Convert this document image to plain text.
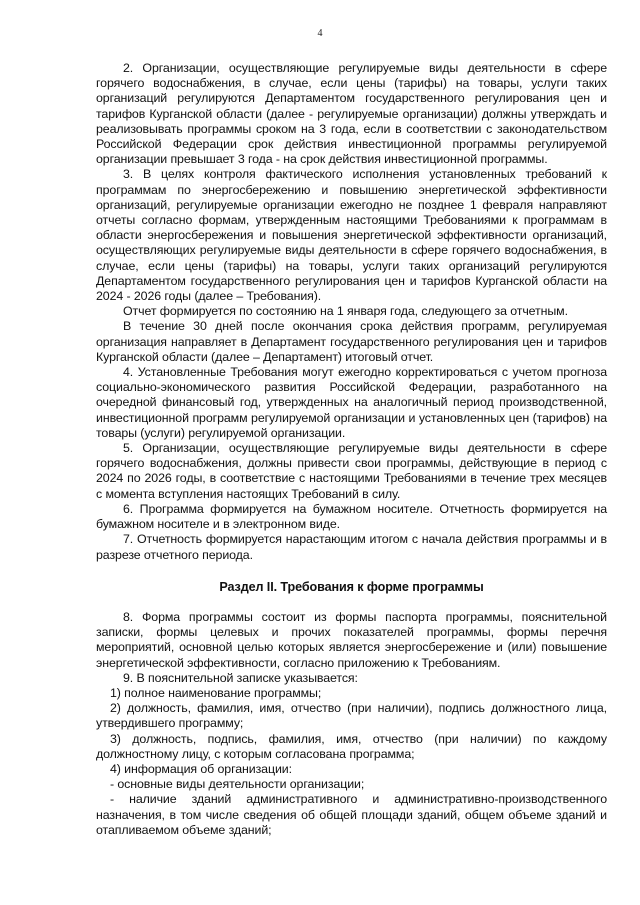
4

2. Организации, осуществляющие регулируемые виды деятельности в сфере горячего водоснабжения, в случае, если цены (тарифы) на товары, услуги таких организаций регулируются Департаментом государственного регулирования цен и тарифов Курганской области (далее - регулируемые организации) должны утверждать и реализовывать программы сроком на 3 года, если в соответствии с законодательством Российской Федерации срок действия инвестиционной программы регулируемой организации превышает 3 года - на срок действия инвестиционной программы.

3. В целях контроля фактического исполнения установленных требований к программам по энергосбережению и повышению энергетической эффективности организаций, регулируемые организации ежегодно не позднее 1 февраля направляют отчеты согласно формам, утвержденным настоящими Требованиями к программам в области энергосбережения и повышения энергетической эффективности организаций, осуществляющих регулируемые виды деятельности в сфере горячего водоснабжения, в случае, если цены (тарифы) на товары, услуги таких организаций регулируются Департаментом государственного регулирования цен и тарифов Курганской области на 2024 - 2026 годы (далее – Требования).

Отчет формируется по состоянию на 1 января года, следующего за отчетным.

В течение 30 дней после окончания срока действия программ, регулируемая организация направляет в Департамент государственного регулирования цен и тарифов Курганской области (далее – Департамент) итоговый отчет.

4. Установленные Требования могут ежегодно корректироваться с учетом прогноза социально-экономического развития Российской Федерации, разработанного на очередной финансовый год, утвержденных на аналогичный период производственной, инвестиционной программ регулируемой организации и установленных цен (тарифов) на товары (услуги) регулируемой организации.

5. Организации, осуществляющие регулируемые виды деятельности в сфере горячего водоснабжения, должны привести свои программы, действующие в период с 2024 по 2026 годы, в соответствие с настоящими Требованиями в течение трех месяцев с момента вступления настоящих Требований в силу.

6. Программа формируется на бумажном носителе. Отчетность формируется на бумажном носителе и в электронном виде.

7. Отчетность формируется нарастающим итогом с начала действия программы и в разрезе отчетного периода.

Раздел II. Требования к форме программы

8. Форма программы состоит из формы паспорта программы, пояснительной записки, формы целевых и прочих показателей программы, формы перечня мероприятий, основной целью которых является энергосбережение и (или) повышение энергетической эффективности, согласно приложению к Требованиям.

9. В пояснительной записке указывается:

1) полное наименование программы;

2) должность, фамилия, имя, отчество (при наличии), подпись должностного лица, утвердившего программу;

3) должность, подпись, фамилия, имя, отчество (при наличии) по каждому должностному лицу, с которым согласована программа;

4) информация об организации:

- основные виды деятельности организации;

- наличие зданий административного и административно-производственного назначения, в том числе сведения об общей площади зданий, общем объеме зданий и отапливаемом объеме зданий;
